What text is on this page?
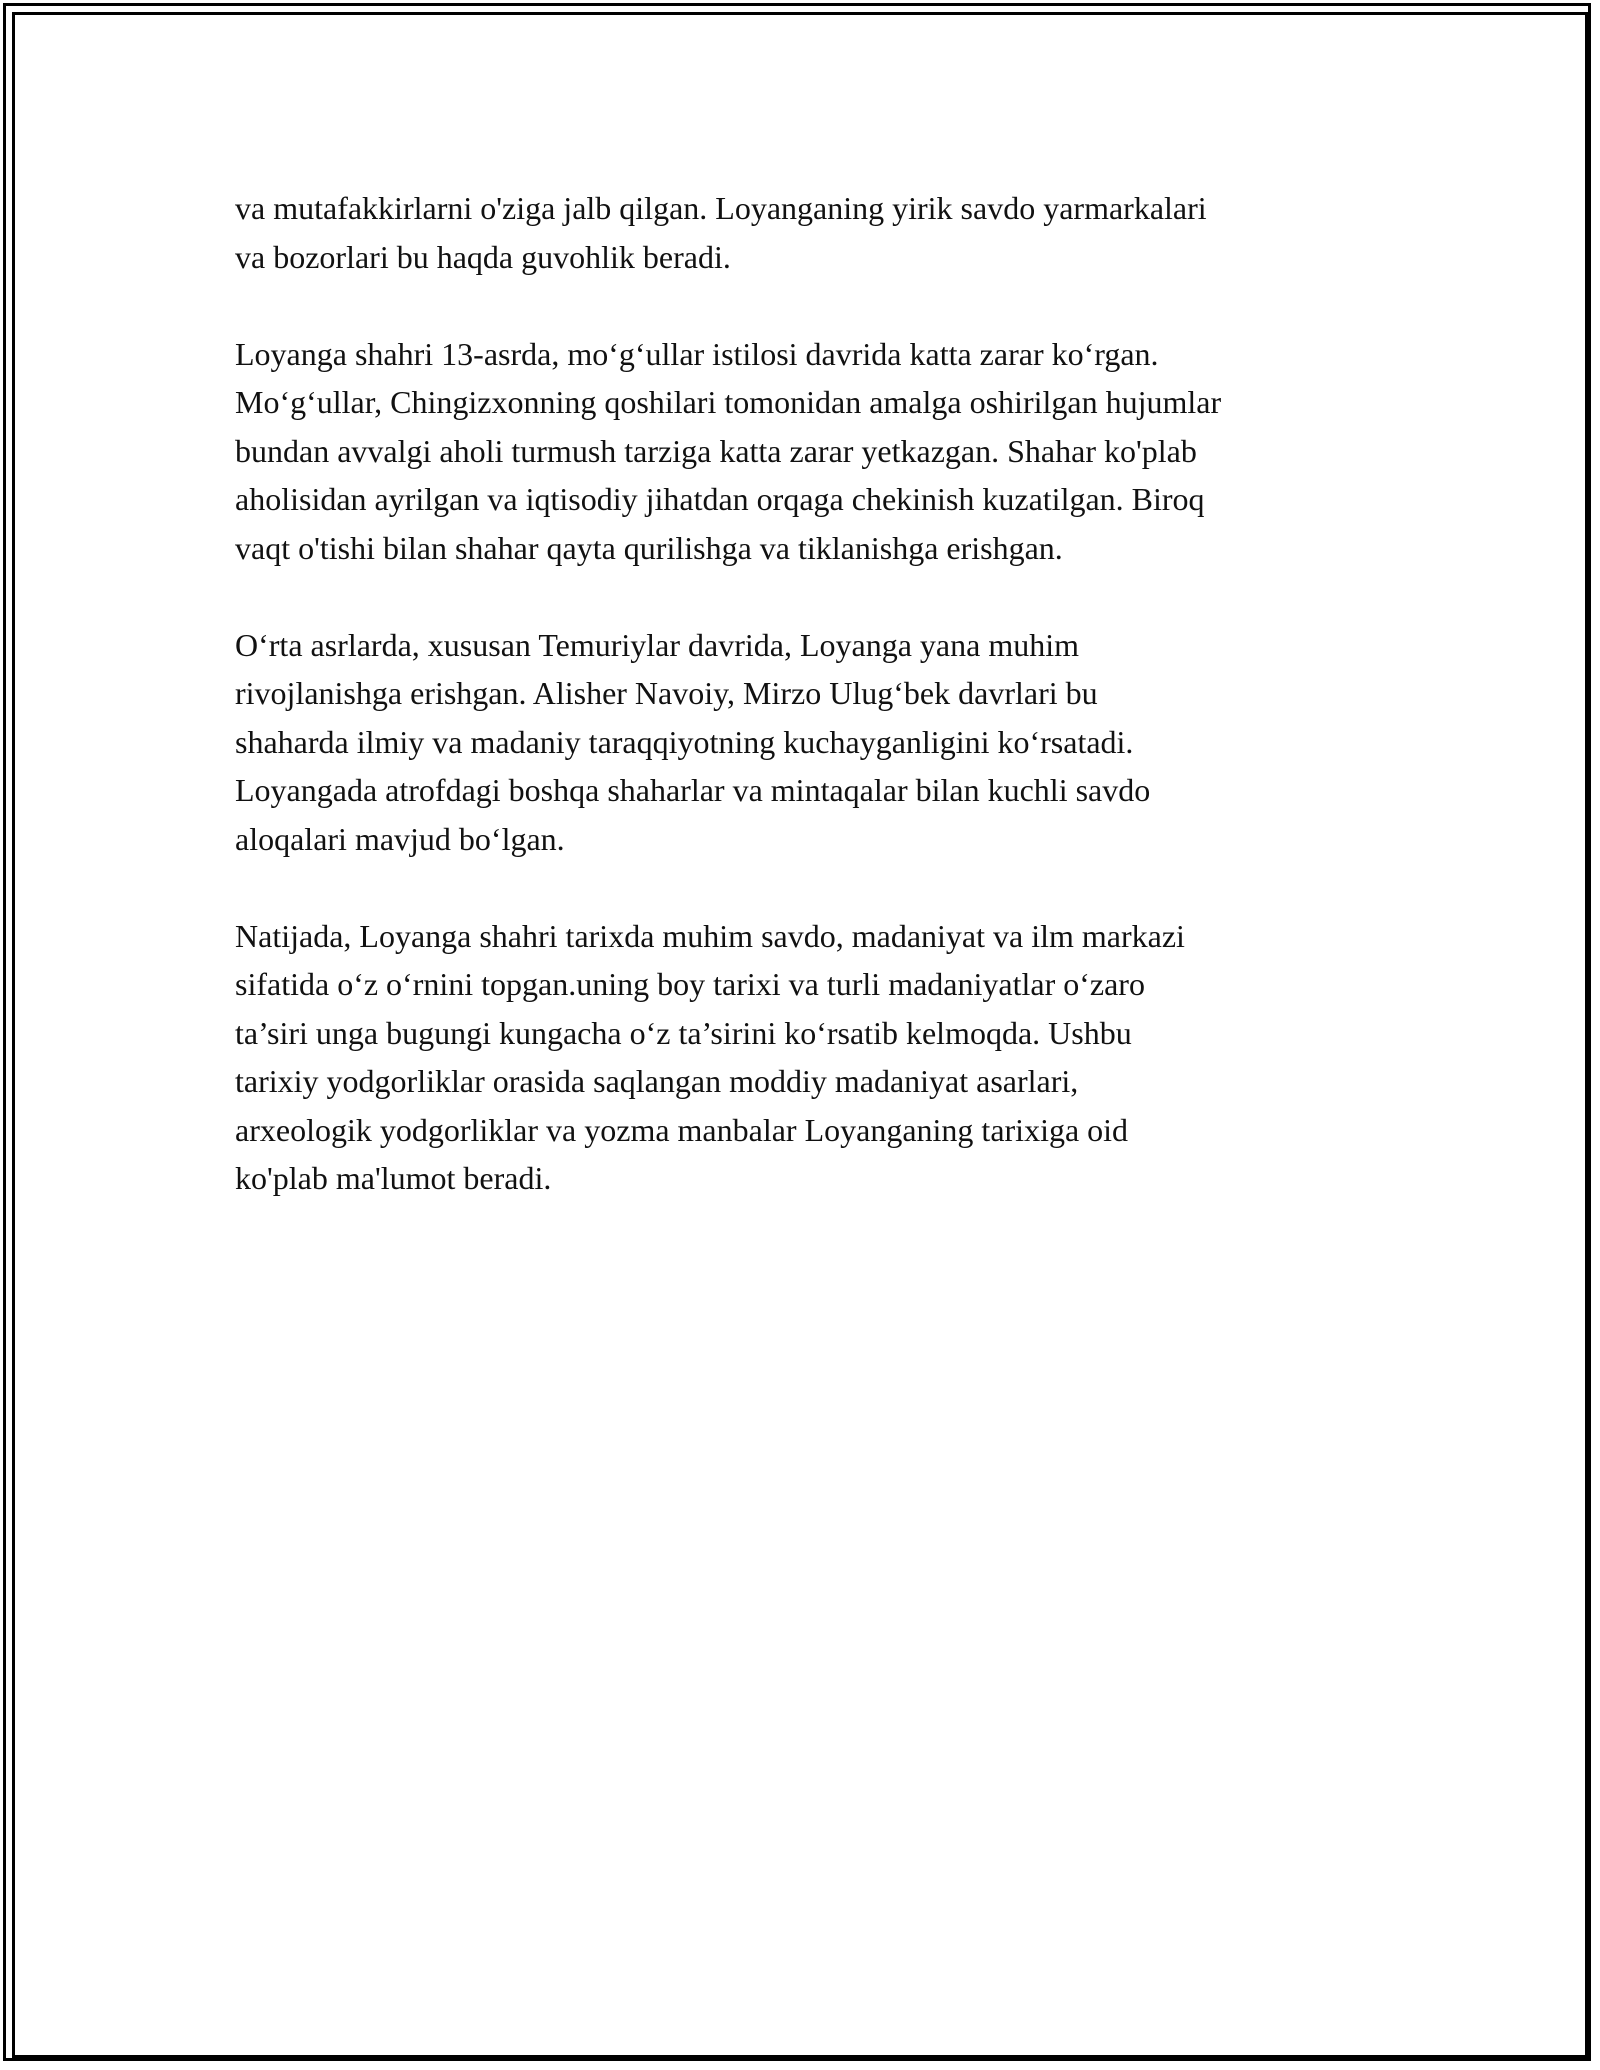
va mutafakkirlarni o'ziga jalb qilgan. Loyanganing yirik savdo yarmarkalari
va bozorlari bu haqda guvohlik beradi.

Loyanga shahri 13-asrda, mo‘g‘ullar istilosi davrida katta zarar ko‘rgan.
Mo‘g‘ullar, Chingizxonning qoshilari tomonidan amalga oshirilgan hujumlar
bundan avvalgi aholi turmush tarziga katta zarar yetkazgan. Shahar ko'plab
aholisidan ayrilgan va iqtisodiy jihatdan orqaga chekinish kuzatilgan. Biroq
vaqt o'tishi bilan shahar qayta qurilishga va tiklanishga erishgan.

O‘rta asrlarda, xususan Temuriylar davrida, Loyanga yana muhim
rivojlanishga erishgan. Alisher Navoiy, Mirzo Ulug‘bek davrlari bu
shaharda ilmiy va madaniy taraqqiyotning kuchayganligini ko‘rsatadi.
Loyangada atrofdagi boshqa shaharlar va mintaqalar bilan kuchli savdo
aloqalari mavjud bo‘lgan.

Natijada, Loyanga shahri tarixda muhim savdo, madaniyat va ilm markazi
sifatida o‘z o‘rnini topgan.uning boy tarixi va turli madaniyatlar o‘zaro
ta’siri unga bugungi kungacha o‘z ta’sirini ko‘rsatib kelmoqda. Ushbu
tarixiy yodgorliklar orasida saqlangan moddiy madaniyat asarlari,
arxeologik yodgorliklar va yozma manbalar Loyanganing tarixiga oid
ko'plab ma'lumot beradi.
